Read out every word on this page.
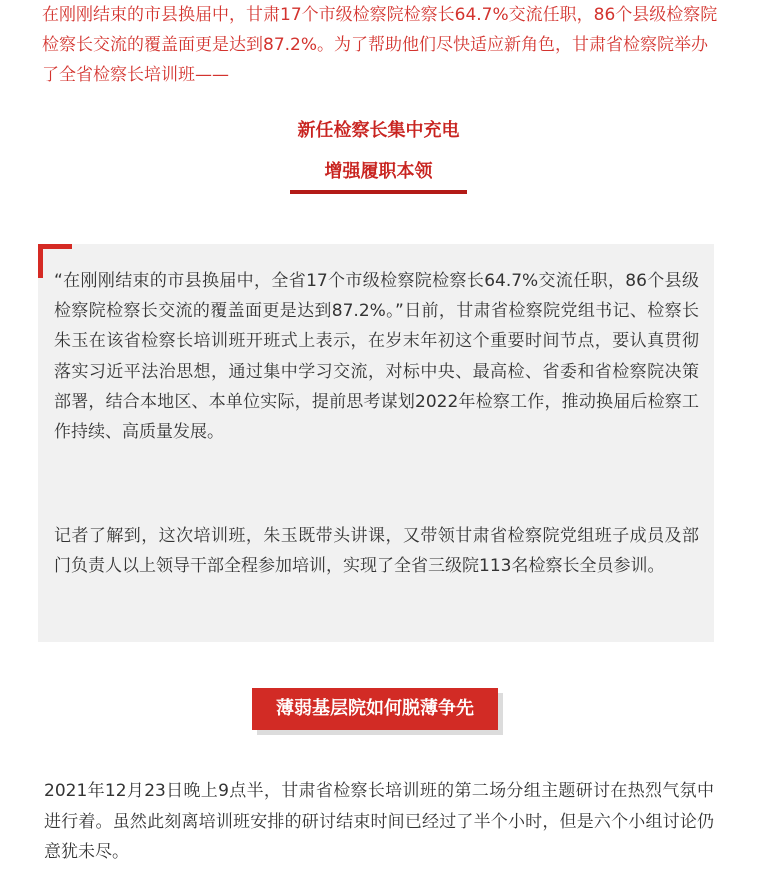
在刚刚结束的市县换届中，甘肃17个市级检察院检察长64.7%交流任职，86个县级检察院检察长交流的覆盖面更是达到87.2%。为了帮助他们尽快适应新角色，甘肃省检察院举办了全省检察长培训班——

新任检察长集中充电
增强履职本领

“在刚刚结束的市县换届中，全省17个市级检察院检察长64.7%交流任职，86个县级检察院检察长交流的覆盖面更是达到87.2%。”日前，甘肃省检察院党组书记、检察长朱玉在该省检察长培训班开班式上表示，在岁末年初这个重要时间节点，要认真贯彻落实习近平法治思想，通过集中学习交流，对标中央、最高检、省委和省检察院决策部署，结合本地区、本单位实际，提前思考谋划2022年检察工作，推动换届后检察工作持续、高质量发展。

记者了解到，这次培训班，朱玉既带头讲课，又带领甘肃省检察院党组班子成员及部门负责人以上领导干部全程参加培训，实现了全省三级院113名检察长全员参训。

薄弱基层院如何脱薄争先

2021年12月23日晚上9点半，甘肃省检察长培训班的第二场分组主题研讨在热烈气氛中进行着。虽然此刻离培训班安排的研讨结束时间已经过了半个小时，但是六个小组讨论仍意犹未尽。
